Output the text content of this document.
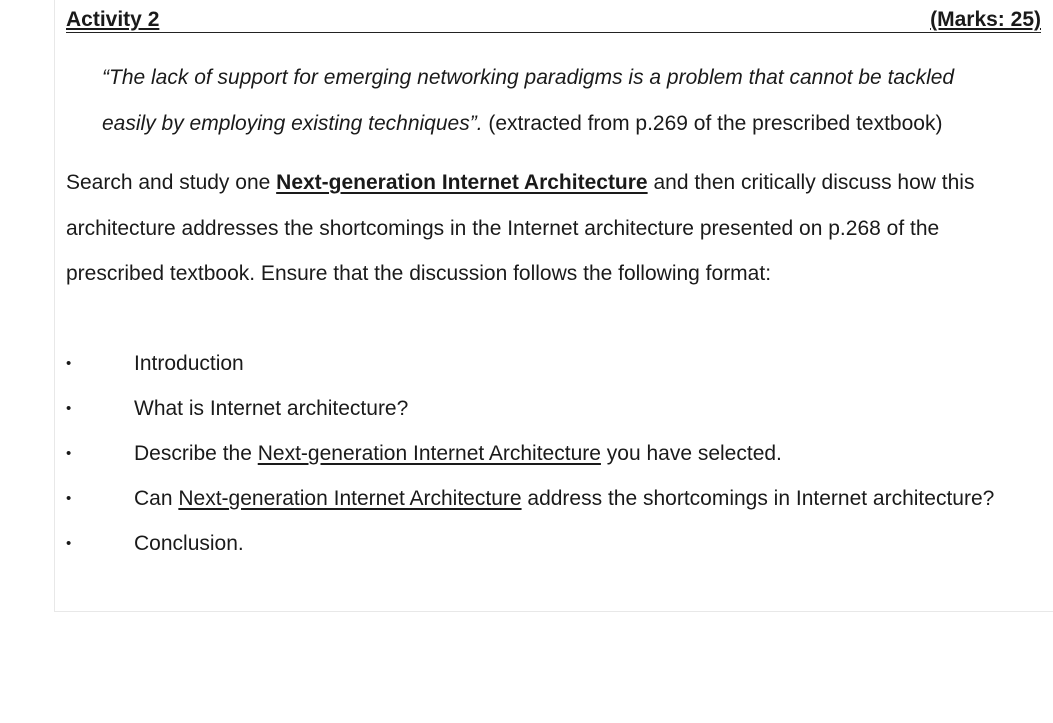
Activity 2	(Marks: 25)
“The lack of support for emerging networking paradigms is a problem that cannot be tackled
easily by employing existing techniques”. (extracted from p.269 of the prescribed textbook)
Search and study one Next-generation Internet Architecture and then critically discuss how this architecture addresses the shortcomings in the Internet architecture presented on p.268 of the prescribed textbook. Ensure that the discussion follows the following format:
•	Introduction
•	What is Internet architecture?
•	Describe the Next-generation Internet Architecture you have selected.
•	Can Next-generation Internet Architecture address the shortcomings in Internet architecture?
•	Conclusion.
